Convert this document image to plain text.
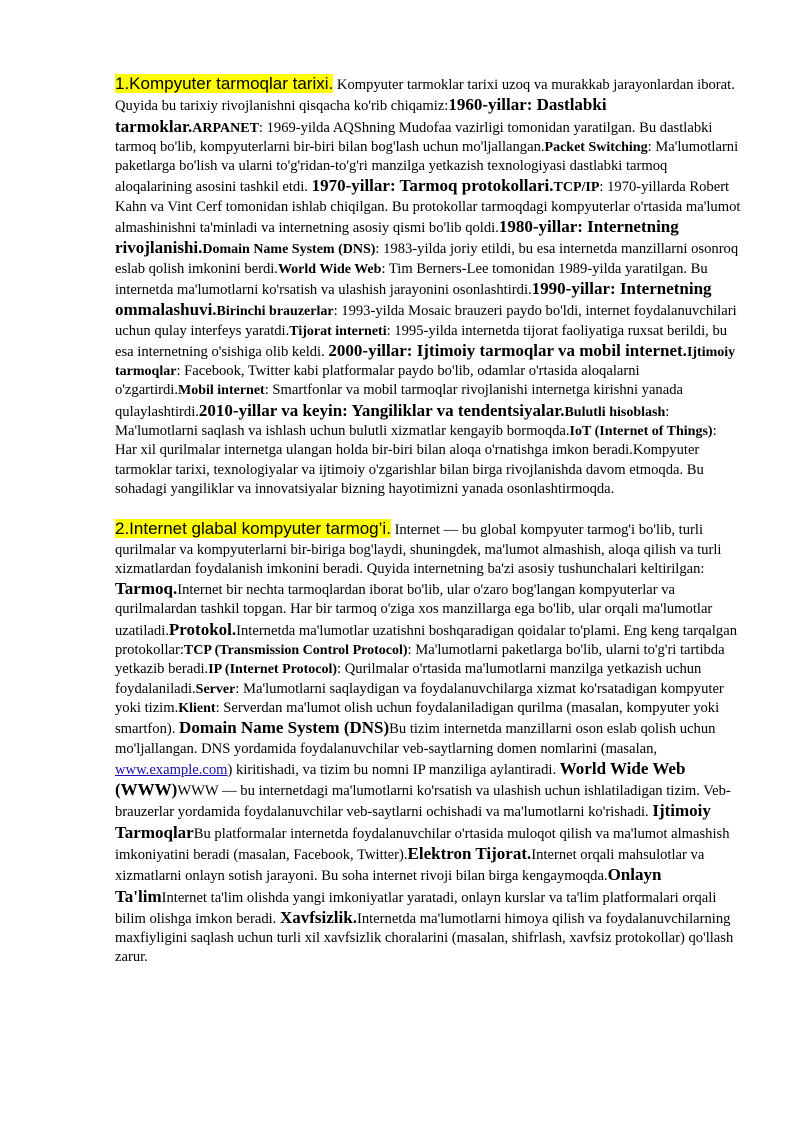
1.Kompyuter tarmoqlar tarixi. Kompyuter tarmoklar tarixi uzoq va murakkab jarayonlardan iborat. Quyida bu tarixiy rivojlanishni qisqacha ko'rib chiqamiz:1960-yillar: Dastlabki tarmoklar.ARPANET: 1969-yilda AQShning Mudofaa vazirligi tomonidan yaratilgan. Bu dastlabki tarmoq bo'lib, kompyuterlarni bir-biri bilan bog'lash uchun mo'ljallangan.Packet Switching: Ma'lumotlarni paketlarga bo'lish va ularni to'g'ridan-to'g'ri manzilga yetkazish texnologiyasi dastlabki tarmoq aloqalarining asosini tashkil etdi. 1970-yillar: Tarmoq protokollari.TCP/IP: 1970-yillarda Robert Kahn va Vint Cerf tomonidan ishlab chiqilgan. Bu protokollar tarmoqdagi kompyuterlar o'rtasida ma'lumot almashinishni ta'minladi va internetning asosiy qismi bo'lib qoldi.1980-yillar: Internetning rivojlanishi.Domain Name System (DNS): 1983-yilda joriy etildi, bu esa internetda manzillarni osonroq eslab qolish imkonini berdi.World Wide Web: Tim Berners-Lee tomonidan 1989-yilda yaratilgan. Bu internetda ma'lumotlarni ko'rsatish va ulashish jarayonini osonlashtirdi.1990-yillar: Internetning ommalashuvi.Birinchi brauzerlar: 1993-yilda Mosaic brauzeri paydo bo'ldi, internet foydalanuvchilari uchun qulay interfeys yaratdi.Tijorat interneti: 1995-yilda internetda tijorat faoliyatiga ruxsat berildi, bu esa internetning o'sishiga olib keldi. 2000-yillar: Ijtimoiy tarmoqlar va mobil internet.Ijtimoiy tarmoqlar: Facebook, Twitter kabi platformalar paydo bo'lib, odamlar o'rtasida aloqalarni o'zgartirdi.Mobil internet: Smartfonlar va mobil tarmoqlar rivojlanishi internetga kirishni yanada qulaylashtirdi.2010-yillar va keyin: Yangiliklar va tendentsiyalar.Bulutli hisoblash: Ma'lumotlarni saqlash va ishlash uchun bulutli xizmatlar kengayib bormoqda.IoT (Internet of Things): Har xil qurilmalar internetga ulangan holda bir-biri bilan aloqa o'rnatishga imkon beradi.Kompyuter tarmoklar tarixi, texnologiyalar va ijtimoiy o'zgarishlar bilan birga rivojlanishda davom etmoqda. Bu sohadagi yangiliklar va innovatsiyalar bizning hayotimizni yanada osonlashtirmoqda.

2.Internet glabal kompyuter tarmog’i. Internet — bu global kompyuter tarmog'i bo'lib, turli qurilmalar va kompyuterlarni bir-biriga bog'laydi, shuningdek, ma'lumot almashish, aloqa qilish va turli xizmatlardan foydalanish imkonini beradi. Quyida internetning ba'zi asosiy tushunchalari keltirilgan: Tarmoq.Internet bir nechta tarmoqlardan iborat bo'lib, ular o'zaro bog'langan kompyuterlar va qurilmalardan tashkil topgan. Har bir tarmoq o'ziga xos manzillarga ega bo'lib, ular orqali ma'lumotlar uzatiladi.Protokol.Internetda ma'lumotlar uzatishni boshqaradigan qoidalar to'plami. Eng keng tarqalgan protokollar:TCP (Transmission Control Protocol): Ma'lumotlarni paketlarga bo'lib, ularni to'g'ri tartibda yetkazib beradi.IP (Internet Protocol): Qurilmalar o'rtasida ma'lumotlarni manzilga yetkazish uchun foydalaniladi.Server: Ma'lumotlarni saqlaydigan va foydalanuvchilarga xizmat ko'rsatadigan kompyuter yoki tizim.Klient: Serverdan ma'lumot olish uchun foydalaniladigan qurilma (masalan, kompyuter yoki smartfon). Domain Name System (DNS)Bu tizim internetda manzillarni oson eslab qolish uchun mo'ljallangan. DNS yordamida foydalanuvchilar veb-saytlarning domen nomlarini (masalan, www.example.com) kiritishadi, va tizim bu nomni IP manziliga aylantiradi. World Wide Web (WWW)WWW — bu internetdagi ma'lumotlarni ko'rsatish va ulashish uchun ishlatiladigan tizim. Veb-brauzerlar yordamida foydalanuvchilar veb-saytlarni ochishadi va ma'lumotlarni ko'rishadi. Ijtimoiy TarmoqlarBu platformalar internetda foydalanuvchilar o'rtasida muloqot qilish va ma'lumot almashish imkoniyatini beradi (masalan, Facebook, Twitter).Elektron Tijorat.Internet orqali mahsulotlar va xizmatlarni onlayn sotish jarayoni. Bu soha internet rivoji bilan birga kengaymoqda.Onlayn Ta'limInternet ta'lim olishda yangi imkoniyatlar yaratadi, onlayn kurslar va ta'lim platformalari orqali bilim olishga imkon beradi. Xavfsizlik.Internetda ma'lumotlarni himoya qilish va foydalanuvchilarning maxfiyligini saqlash uchun turli xil xavfsizlik choralarini (masalan, shifrlash, xavfsiz protokollar) qo'llash zarur.
